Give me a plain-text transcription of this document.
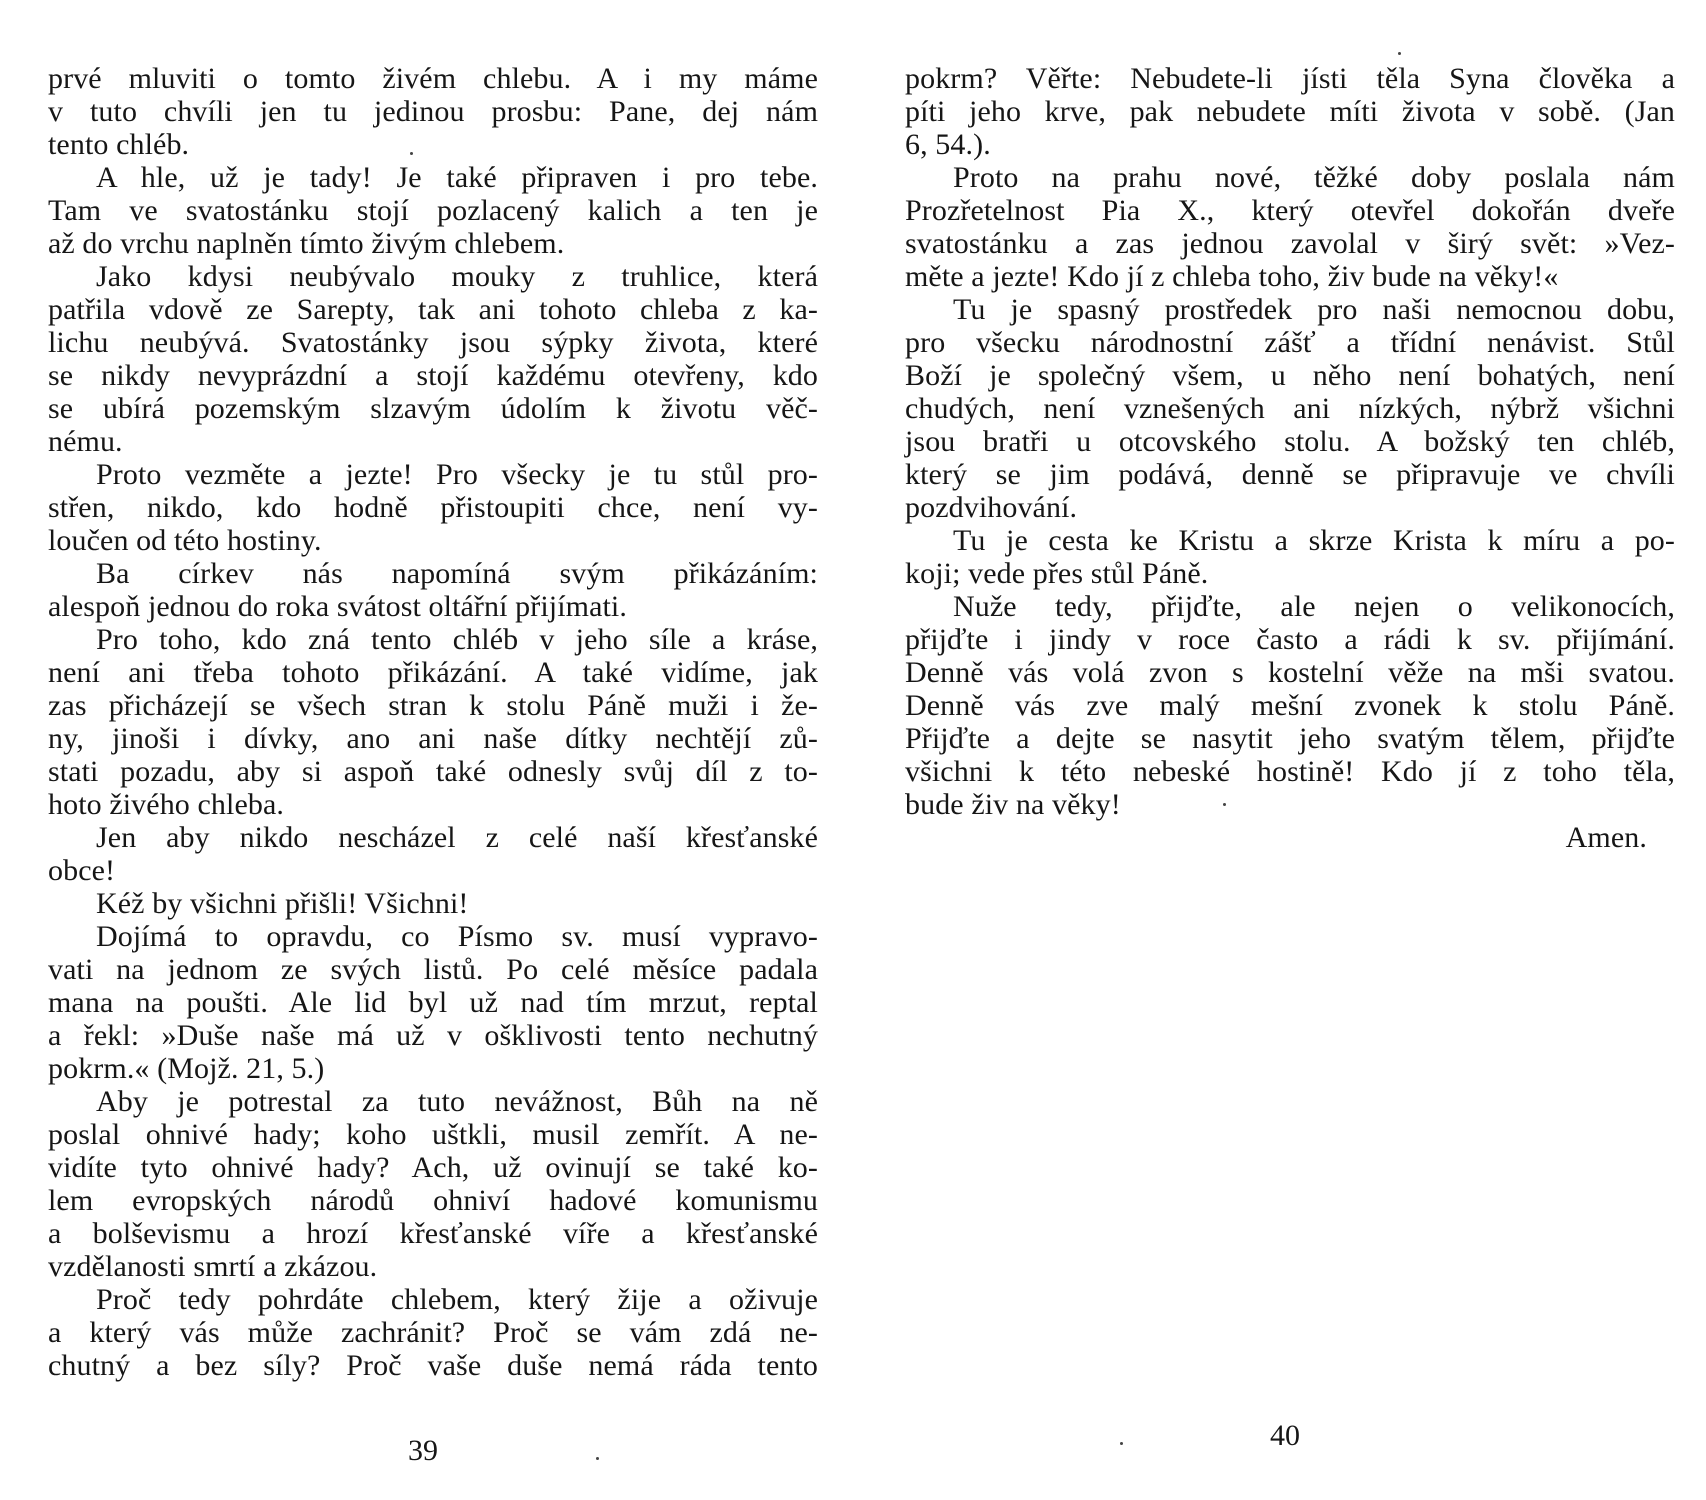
prvé mluviti o tomto živém chlebu. A i my máme
v tuto chvíli jen tu jedinou prosbu: Pane, dej nám
tento chléb.
A hle, už je tady! Je také připraven i pro tebe.
Tam ve svatostánku stojí pozlacený kalich a ten je
až do vrchu naplněn tímto živým chlebem.
Jako kdysi neubývalo mouky z truhlice, která
patřila vdově ze Sarepty, tak ani tohoto chleba z ka-
lichu neubývá. Svatostánky jsou sýpky života, které
se nikdy nevyprázdní a stojí každému otevřeny, kdo
se ubírá pozemským slzavým údolím k životu věč-
nému.
Proto vezměte a jezte! Pro všecky je tu stůl pro-
střen, nikdo, kdo hodně přistoupiti chce, není vy-
loučen od této hostiny.
Ba církev nás napomíná svým přikázáním:
alespoň jednou do roka svátost oltářní přijímati.
Pro toho, kdo zná tento chléb v jeho síle a kráse,
není ani třeba tohoto přikázání. A také vidíme, jak
zas přicházejí se všech stran k stolu Páně muži i že-
ny, jinoši i dívky, ano ani naše dítky nechtějí zů-
stati pozadu, aby si aspoň také odnesly svůj díl z to-
hoto živého chleba.
Jen aby nikdo nescházel z celé naší křesťanské
obce!
Kéž by všichni přišli! Všichni!
Dojímá to opravdu, co Písmo sv. musí vypravo-
vati na jednom ze svých listů. Po celé měsíce padala
mana na poušti. Ale lid byl už nad tím mrzut, reptal
a řekl: »Duše naše má už v ošklivosti tento nechutný
pokrm.« (Mojž. 21, 5.)
Aby je potrestal za tuto nevážnost, Bůh na ně
poslal ohnivé hady; koho uštkli, musil zemřít. A ne-
vidíte tyto ohnivé hady? Ach, už ovinují se také ko-
lem evropských národů ohniví hadové komunismu
a bolševismu a hrozí křesťanské víře a křesťanské
vzdělanosti smrtí a zkázou.
Proč tedy pohrdáte chlebem, který žije a oživuje
a který vás může zachránit? Proč se vám zdá ne-
chutný a bez síly? Proč vaše duše nemá ráda tento
39
pokrm? Věřte: Nebudete-li jísti těla Syna člověka a
píti jeho krve, pak nebudete míti života v sobě. (Jan
6, 54.).
Proto na prahu nové, těžké doby poslala nám
Prozřetelnost Pia X., který otevřel dokořán dveře
svatostánku a zas jednou zavolal v širý svět: »Vez-
měte a jezte! Kdo jí z chleba toho, živ bude na věky!«
Tu je spasný prostředek pro naši nemocnou dobu,
pro všecku národnostní zášť a třídní nenávist. Stůl
Boží je společný všem, u něho není bohatých, není
chudých, není vznešených ani nízkých, nýbrž všichni
jsou bratři u otcovského stolu. A božský ten chléb,
který se jim podává, denně se připravuje ve chvíli
pozdvihování.
Tu je cesta ke Kristu a skrze Krista k míru a po-
koji; vede přes stůl Páně.
Nuže tedy, přijďte, ale nejen o velikonocích,
přijďte i jindy v roce často a rádi k sv. přijímání.
Denně vás volá zvon s kostelní věže na mši svatou.
Denně vás zve malý mešní zvonek k stolu Páně.
Přijďte a dejte se nasytit jeho svatým tělem, přijďte
všichni k této nebeské hostině! Kdo jí z toho těla,
bude živ na věky!
Amen.
40
